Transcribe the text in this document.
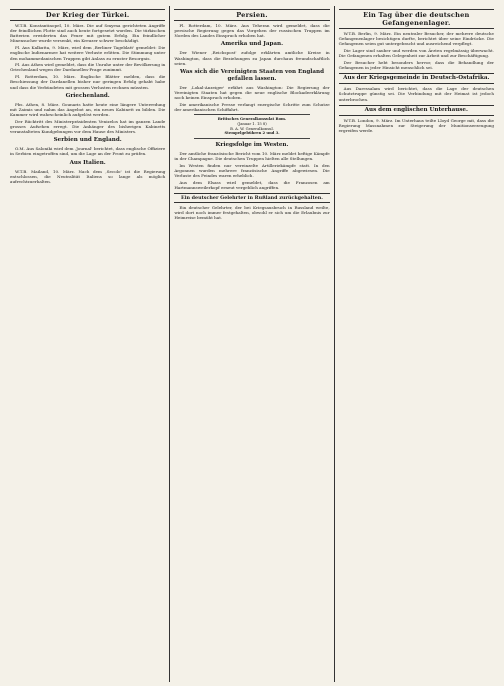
Der Krieg der Türkei.

W.T.B. Konstantinopel, 10. März. Die auf Smyrna gerichteten Angriffe der feindlichen Flotte sind auch heute fortgesetzt worden. Die türkischen Batterien erwiderten das Feuer mit gutem Erfolg. Ein feindlicher Minensucher wurde versenkt, ein Kreuzer schwer beschädigt.

Pl. Aus Kalkutta, 9. März, wird dem ,Berliner Tageblatt' gemeldet: Die englische Indienarmee hat weitere Verluste erlitten. Die Stimmung unter den mohammedanischen Truppen gibt Anlass zu ernster Besorgnis.

Pl. Aus Athen wird gemeldet, dass die Unruhe unter der Bevölkerung in Griechenland wegen der Dardanellen-Frage zunimmt.

Pl. Rotterdam, 10. März. Englische Blätter melden, dass die Beschiessung der Dardanellen bisher nur geringen Erfolg gehabt habe und dass die Verbündeten mit grossen Verlusten rechnen müssten.

Griechenland.

Pbs. Athen, 8. März. Gounaris hatte heute eine längere Unterredung mit Zaimis und nahm das Angebot an, ein neues Kabinett zu bilden. Die Kammer wird wahrscheinlich aufgelöst werden.

Der Rücktritt des Ministerpräsidenten Venizelos hat im ganzen Lande grosses Aufsehen erregt. Die Anhänger des bisherigen Kabinetts veranstalteten Kundgebungen vor dem Hause des Ministers.

Serbien und England.

O.M. Aus Saloniki wird dem ,Journal' berichtet, dass englische Offiziere in Serbien eingetroffen sind, um die Lage an der Front zu prüfen.

Aus Italien.

W.T.B. Mailand, 10. März. Nach dem ,Secolo' ist die Regierung entschlossen, die Neutralität Italiens so lange als möglich aufrechtzuerhalten.

Persien.

Pl. Rotterdam, 10. März. Aus Teheran wird gemeldet, dass die persische Regierung gegen das Vorgehen der russischen Truppen im Norden des Landes Einspruch erhoben hat.

Amerika und Japan.

Der Wiener ,Reichspost' zufolge erklärten amtliche Kreise in Washington, dass die Beziehungen zu Japan durchaus freundschaftlich seien.

Was sich die Vereinigten Staaten von England gefallen lassen.

Der ,Lokal-Anzeiger' erfährt aus Washington: Die Regierung der Vereinigten Staaten hat gegen die neue englische Blockadeerklärung noch keinen Einspruch erhoben.

Die amerikanische Presse verlangt energische Schritte zum Schutze der amerikanischen Schiffahrt.

Britisches Generalkonsulat Rom.
(Januar 1. 15 8)
B. A. W. Generalkonsul.
Stempelgebühren 2 und 3.
Kriegsfolge im Westen.

Der amtliche französische Bericht vom 10. März meldet heftige Kämpfe in der Champagne. Die deutschen Truppen hielten alle Stellungen.

Im Westen finden nur vereinzelte Artilleriekämpfe statt. In den Argonnen wurden mehrere französische Angriffe abgewiesen. Die Verluste des Feindes waren erheblich.

Aus dem Elsass wird gemeldet, dass die Franzosen am Hartmannsweilerkopf erneut vergeblich angriffen.

Ein deutscher Gelehrter in Rußland zurückgehalten.

Ein deutscher Gelehrter, der bei Kriegsausbruch in Russland weilte, wird dort noch immer festgehalten, obwohl er sich um die Erlaubnis zur Heimreise bemüht hat.

Ein Tag über die deutschen Gefangenenlager.

W.T.B. Berlin, 9. März. Ein neutraler Besucher, der mehrere deutsche Gefangenenlager besichtigen durfte, berichtet über seine Eindrücke. Die Gefangenen seien gut untergebracht und ausreichend verpflegt.

Die Lager sind sauber und werden von Ärzten regelmässig überwacht. Die Gefangenen erhalten Gelegenheit zur Arbeit und zur Beschäftigung.

Der Besucher hebt besonders hervor, dass die Behandlung der Gefangenen in jeder Hinsicht menschlich sei.

Aus der Kriegsgemeinde in Deutsch-Ostafrika.

Aus Daressalam wird berichtet, dass die Lage der deutschen Schutztruppe günstig sei. Die Verbindung mit der Heimat ist jedoch unterbrochen.

Aus dem englischen Unterhause.

W.T.B. London, 9. März. Im Unterhaus teilte Lloyd George mit, dass die Regierung Massnahmen zur Steigerung der Munitionserzeugung ergreifen werde.
